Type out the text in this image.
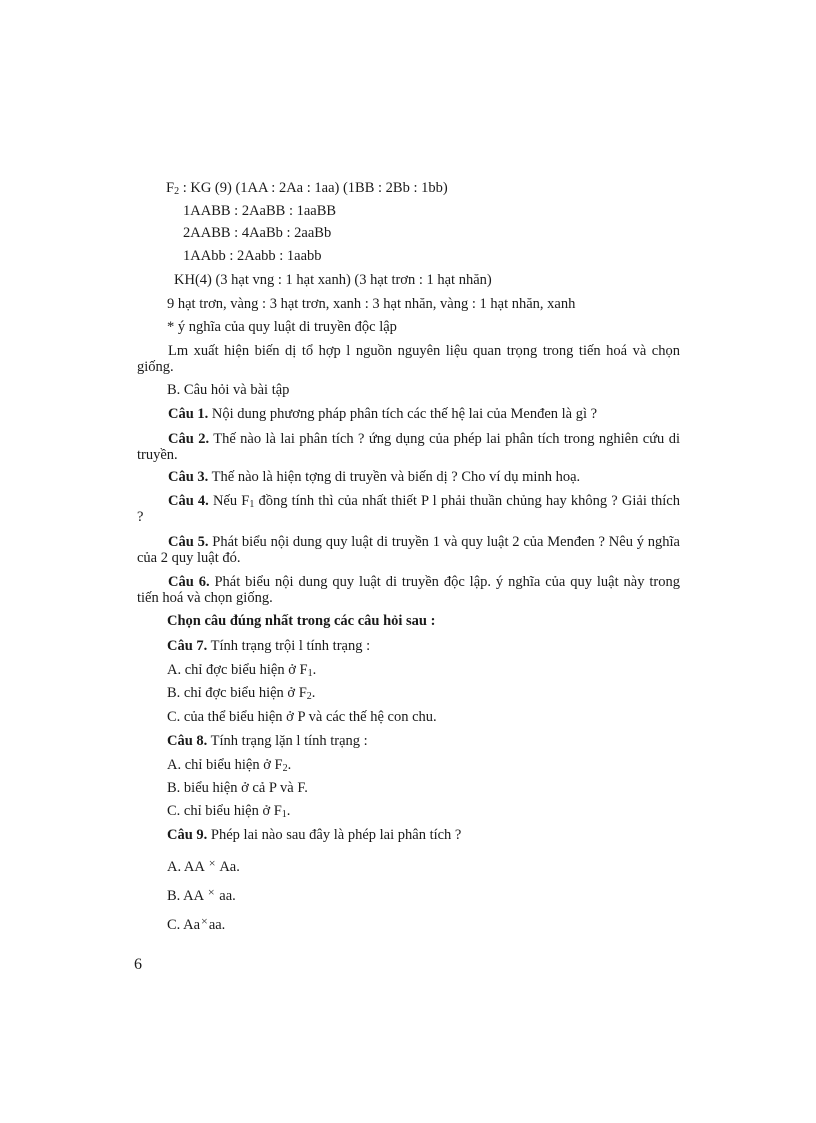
$F_2$ : KG (9) (1AA : 2Aa : 1aa) (1BB : 2Bb : 1bb)
1AABB : 2AaBB : 1aaBB
2AABB : 4AaBb : 2aaBb
1AAbb : 2Aabb : 1aabb
KH(4) (3 hạt vng : 1 hạt xanh) (3 hạt trơn : 1 hạt nhăn)
9 hạt trơn, vàng : 3 hạt trơn, xanh : 3 hạt nhăn, vàng : 1 hạt nhăn, xanh
* ý nghĩa của quy luật di truyền độc lập
Lm xuất hiện biến dị tổ hợp l nguồn nguyên liệu quan trọng trong tiến hoá và chọn giống.
B. Câu hỏi và bài tập
Câu 1. Nội dung phương pháp phân tích các thế hệ lai của Menđen là gì ?
Câu 2. Thế nào là lai phân tích ? ứng dụng của phép lai phân tích trong nghiên cứu di truyền.
Câu 3. Thế nào là hiện tợng di truyền và biến dị ? Cho ví dụ minh hoạ.
Câu 4. Nếu $F_1$ đồng tính thì của nhất thiết P l phải thuần chủng hay không ? Giải thích ?
Câu 5. Phát biểu nội dung quy luật di truyền 1 và quy luật 2 của Menđen ? Nêu ý nghĩa của 2 quy luật đó.
Câu 6. Phát biểu nội dung quy luật di truyền độc lập. ý nghĩa của quy luật này trong tiến hoá và chọn giống.
Chọn câu đúng nhất trong các câu hỏi sau :
Câu 7. Tính trạng trội l tính trạng :
A. chỉ đợc biểu hiện ở $F_1$.
B. chỉ đợc biểu hiện ở $F_2$.
C. của thể biểu hiện ở P và các thế hệ con chu.
Câu 8. Tính trạng lặn l tính trạng :
A. chỉ biểu hiện ở $F_2$.
B. biểu hiện ở cả P và F.
C. chỉ biểu hiện ở $F_1$.
Câu 9. Phép lai nào sau đây là phép lai phân tích ?
A. AA × Aa.
B. AA × aa.
C. Aa×aa.
6
